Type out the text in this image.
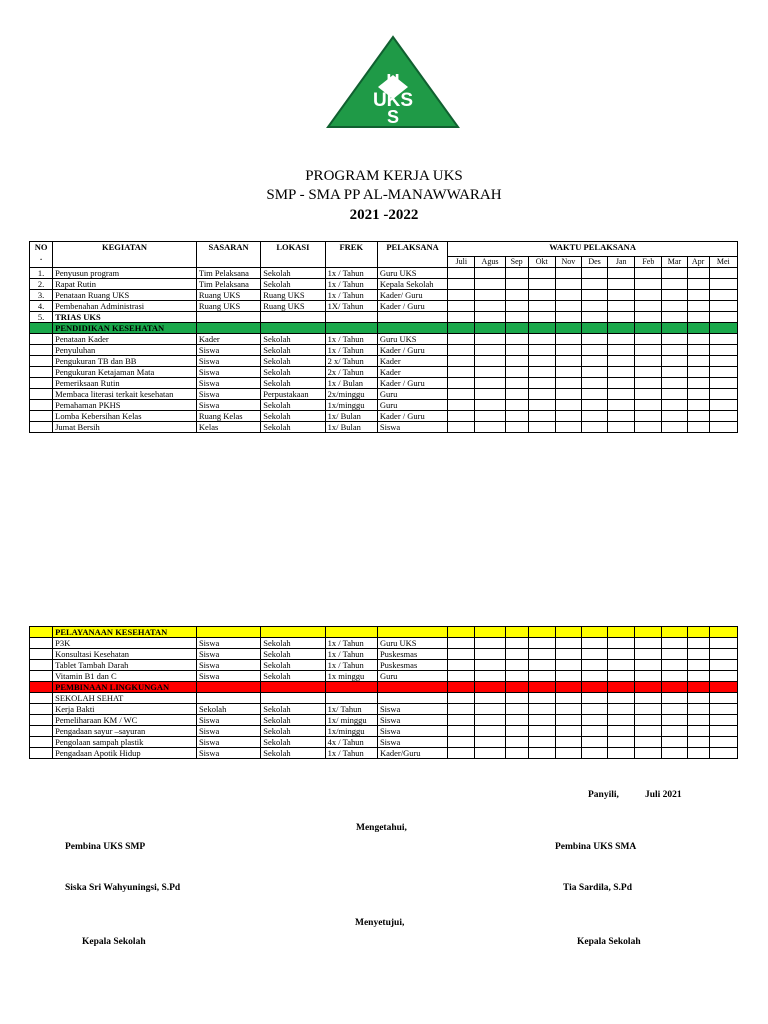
U
UKS
S
PROGRAM KERJA UKS
SMP - SMA PP AL-MANAWWARAH
2021 -2022
NO
.	KEGIATAN	SASARAN	LOKASI	FREK	PELAKSANA	WAKTU PELAKSANA										
						Juli	Agus	Sep	Okt	Nov	Des	Jan	Feb	Mar	Apr	Mei
1.	Penyusun program	Tim Pelaksana	Sekolah	1x / Tahun	Guru UKS											
2.	Rapat Rutin	Tim Pelaksana	Sekolah	1x / Tahun	Kepala Sekolah											
3.	Penataan Ruang UKS	Ruang UKS	Ruang UKS	1x / Tahun	Kader/ Guru											
4.	Pembenahan Administrasi	Ruang UKS	Ruang UKS	1X/ Tahun	Kader / Guru											
5.	TRIAS UKS															
	PENDIDIKAN KESEHATAN															
	Penataan Kader	Kader	Sekolah	1x / Tahun	Guru UKS											
	Penyuluhan	Siswa	Sekolah	1x / Tahun	Kader / Guru											
	Pengukuran TB dan BB	Siswa	Sekolah	2 x/ Tahun	Kader											
	Pengukuran Ketajaman Mata	Siswa	Sekolah	2x / Tahun	Kader											
	Pemeriksaan Rutin	Siswa	Sekolah	1x / Bulan	Kader / Guru											
	Membaca literasi terkait kesehatan	Siswa	Perpustakaan	2x/minggu	Guru											
	Pemahaman PKHS	Siswa	Sekolah	1x/minggu	Guru											
	Lomba Kebersihan Kelas	Ruang Kelas	Sekolah	1x/ Bulan	Kader / Guru											
	Jumat Bersih	Kelas	Sekolah	1x/ Bulan	Siswa											
	PELAYANAAN KESEHATAN															
	P3K	Siswa	Sekolah	1x / Tahun	Guru UKS											
	Konsultasi Kesehatan	Siswa	Sekolah	1x / Tahun	Puskesmas											
	Tablet Tambah Darah	Siswa	Sekolah	1x / Tahun	Puskesmas											
	Vitamin B1 dan C	Siswa	Sekolah	1x minggu	Guru											
	PEMBINAAN LINGKUNGAN															
	SEKOLAH SEHAT															
	Kerja Bakti	Sekolah	Sekolah	1x/ Tahun	Siswa											
	Pemeliharaan KM / WC	Siswa	Sekolah	1x/ minggu	Siswa											
	Pengadaan sayur –sayuran	Siswa	Sekolah	1x/minggu	Siswa											
	Pengolaan sampah plastik	Siswa	Sekolah	4x / Tahun	Siswa											
	Pengadaan Apotik Hidup	Siswa	Sekolah	1x / Tahun	Kader/Guru											
Panyili,	Juli 2021
Mengetahui,
Pembina UKS SMP	Pembina UKS SMA
Siska Sri Wahyuningsi, S.Pd	Tia Sardila, S.Pd
Menyetujui,
Kepala Sekolah	Kepala Sekolah
